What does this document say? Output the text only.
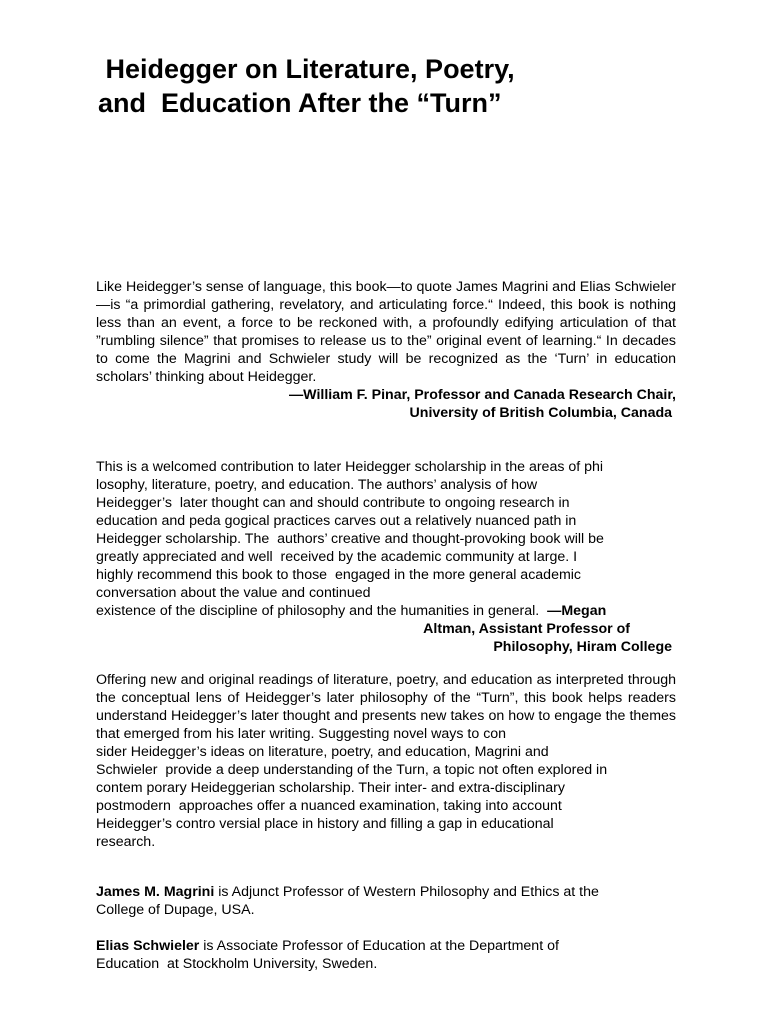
Heidegger on Literature, Poetry,
and  Education After the “Turn”

Like Heidegger’s sense of language, this book—to quote James Magrini and Elias Schwieler—is “a primordial gathering, revelatory, and articulating force.“ Indeed, this book is nothing less than an event, a force to be reckoned with, a profoundly edifying articulation of that ”rumbling silence” that promises to release us to the” original event of learning.“ In decades to come the Magrini and Schwieler study will be recognized as the ‘Turn’ in education scholars’ thinking about Heidegger.

—William F. Pinar, Professor and Canada Research Chair,
University of British Columbia, Canada
This is a welcomed contribution to later Heidegger scholarship in the areas of phi
losophy, literature, poetry, and education. The authors’ analysis of how
Heidegger’s  later thought can and should contribute to ongoing research in
education and peda gogical practices carves out a relatively nuanced path in
Heidegger scholarship. The  authors’ creative and thought-provoking book will be
greatly appreciated and well  received by the academic community at large. I
highly recommend this book to those  engaged in the more general academic
conversation about the value and continued
existence of the discipline of philosophy and the humanities in general.  —Megan
Altman, Assistant Professor of
Philosophy, Hiram College

Offering new and original readings of literature, poetry, and education as interpreted through the conceptual lens of Heidegger’s later philosophy of the “Turn”, this book helps readers understand Heidegger’s later thought and presents new takes on how to engage the themes that emerged from his later writing. Suggesting novel ways to con

sider Heidegger’s ideas on literature, poetry, and education, Magrini and
Schwieler  provide a deep understanding of the Turn, a topic not often explored in
contem porary Heideggerian scholarship. Their inter- and extra-disciplinary
postmodern  approaches offer a nuanced examination, taking into account
Heidegger’s contro versial place in history and filling a gap in educational
research.
James M. Magrini is Adjunct Professor of Western Philosophy and Ethics at the
College of Dupage, USA.
Elias Schwieler is Associate Professor of Education at the Department of
Education  at Stockholm University, Sweden.
